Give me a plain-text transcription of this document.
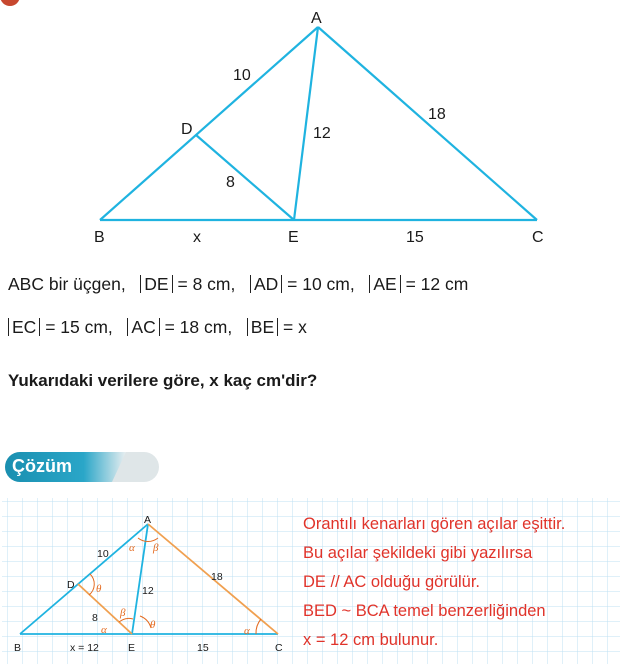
A
B	C
D
E
10
12
18
8
x	15
ABC bir üçgen, DE = 8 cm, AD = 10 cm, AE = 12 cm
EC = 15 cm, AC = 18 cm, BE = x
Yukarıdaki verilere göre, x kaç cm'dir?
Çözüm
A
B	C
D
E
10
12
18
8
x = 12	15
α β
θ
β
α	θ	α
Orantılı kenarları gören açılar eşittir.
Bu açılar şekildeki gibi yazılırsa
DE // AC olduğu görülür.
BED ~ BCA temel benzerliğinden
x = 12 cm bulunur.
